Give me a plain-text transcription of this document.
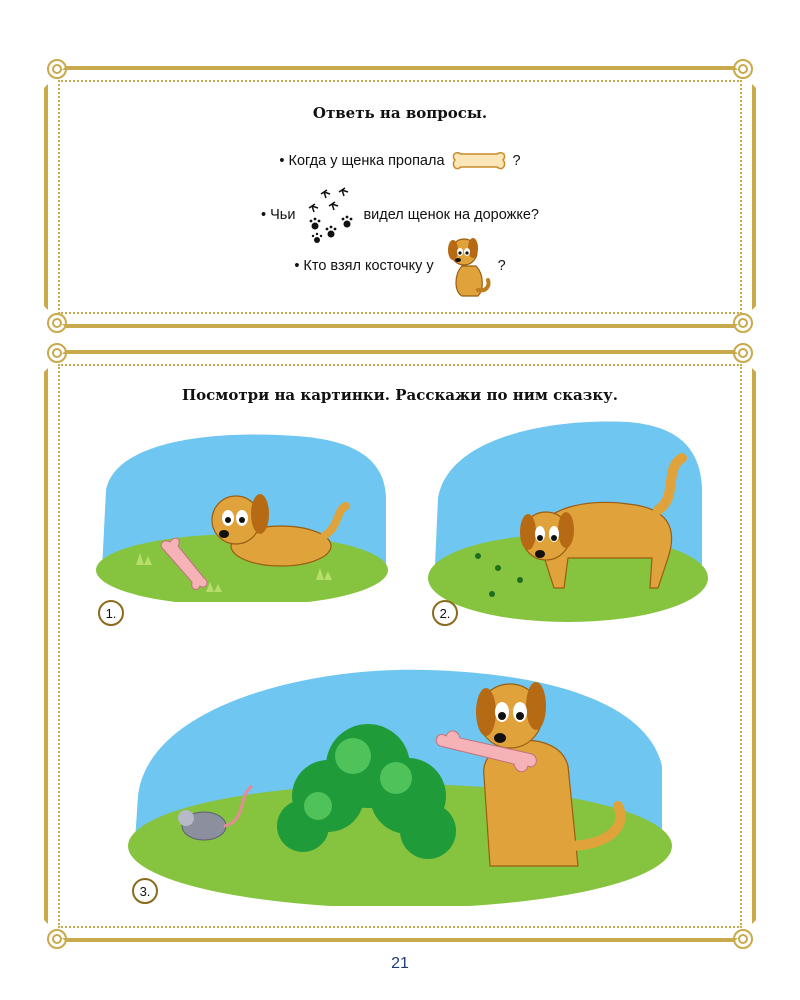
Ответь на вопросы.
• Когда у щенка пропала	?
• Чьи	видел щенок на дорожке?
• Кто взял косточку у	?
Посмотри на картинки. Расскажи по ним сказку.
1.	2.
3.
21
